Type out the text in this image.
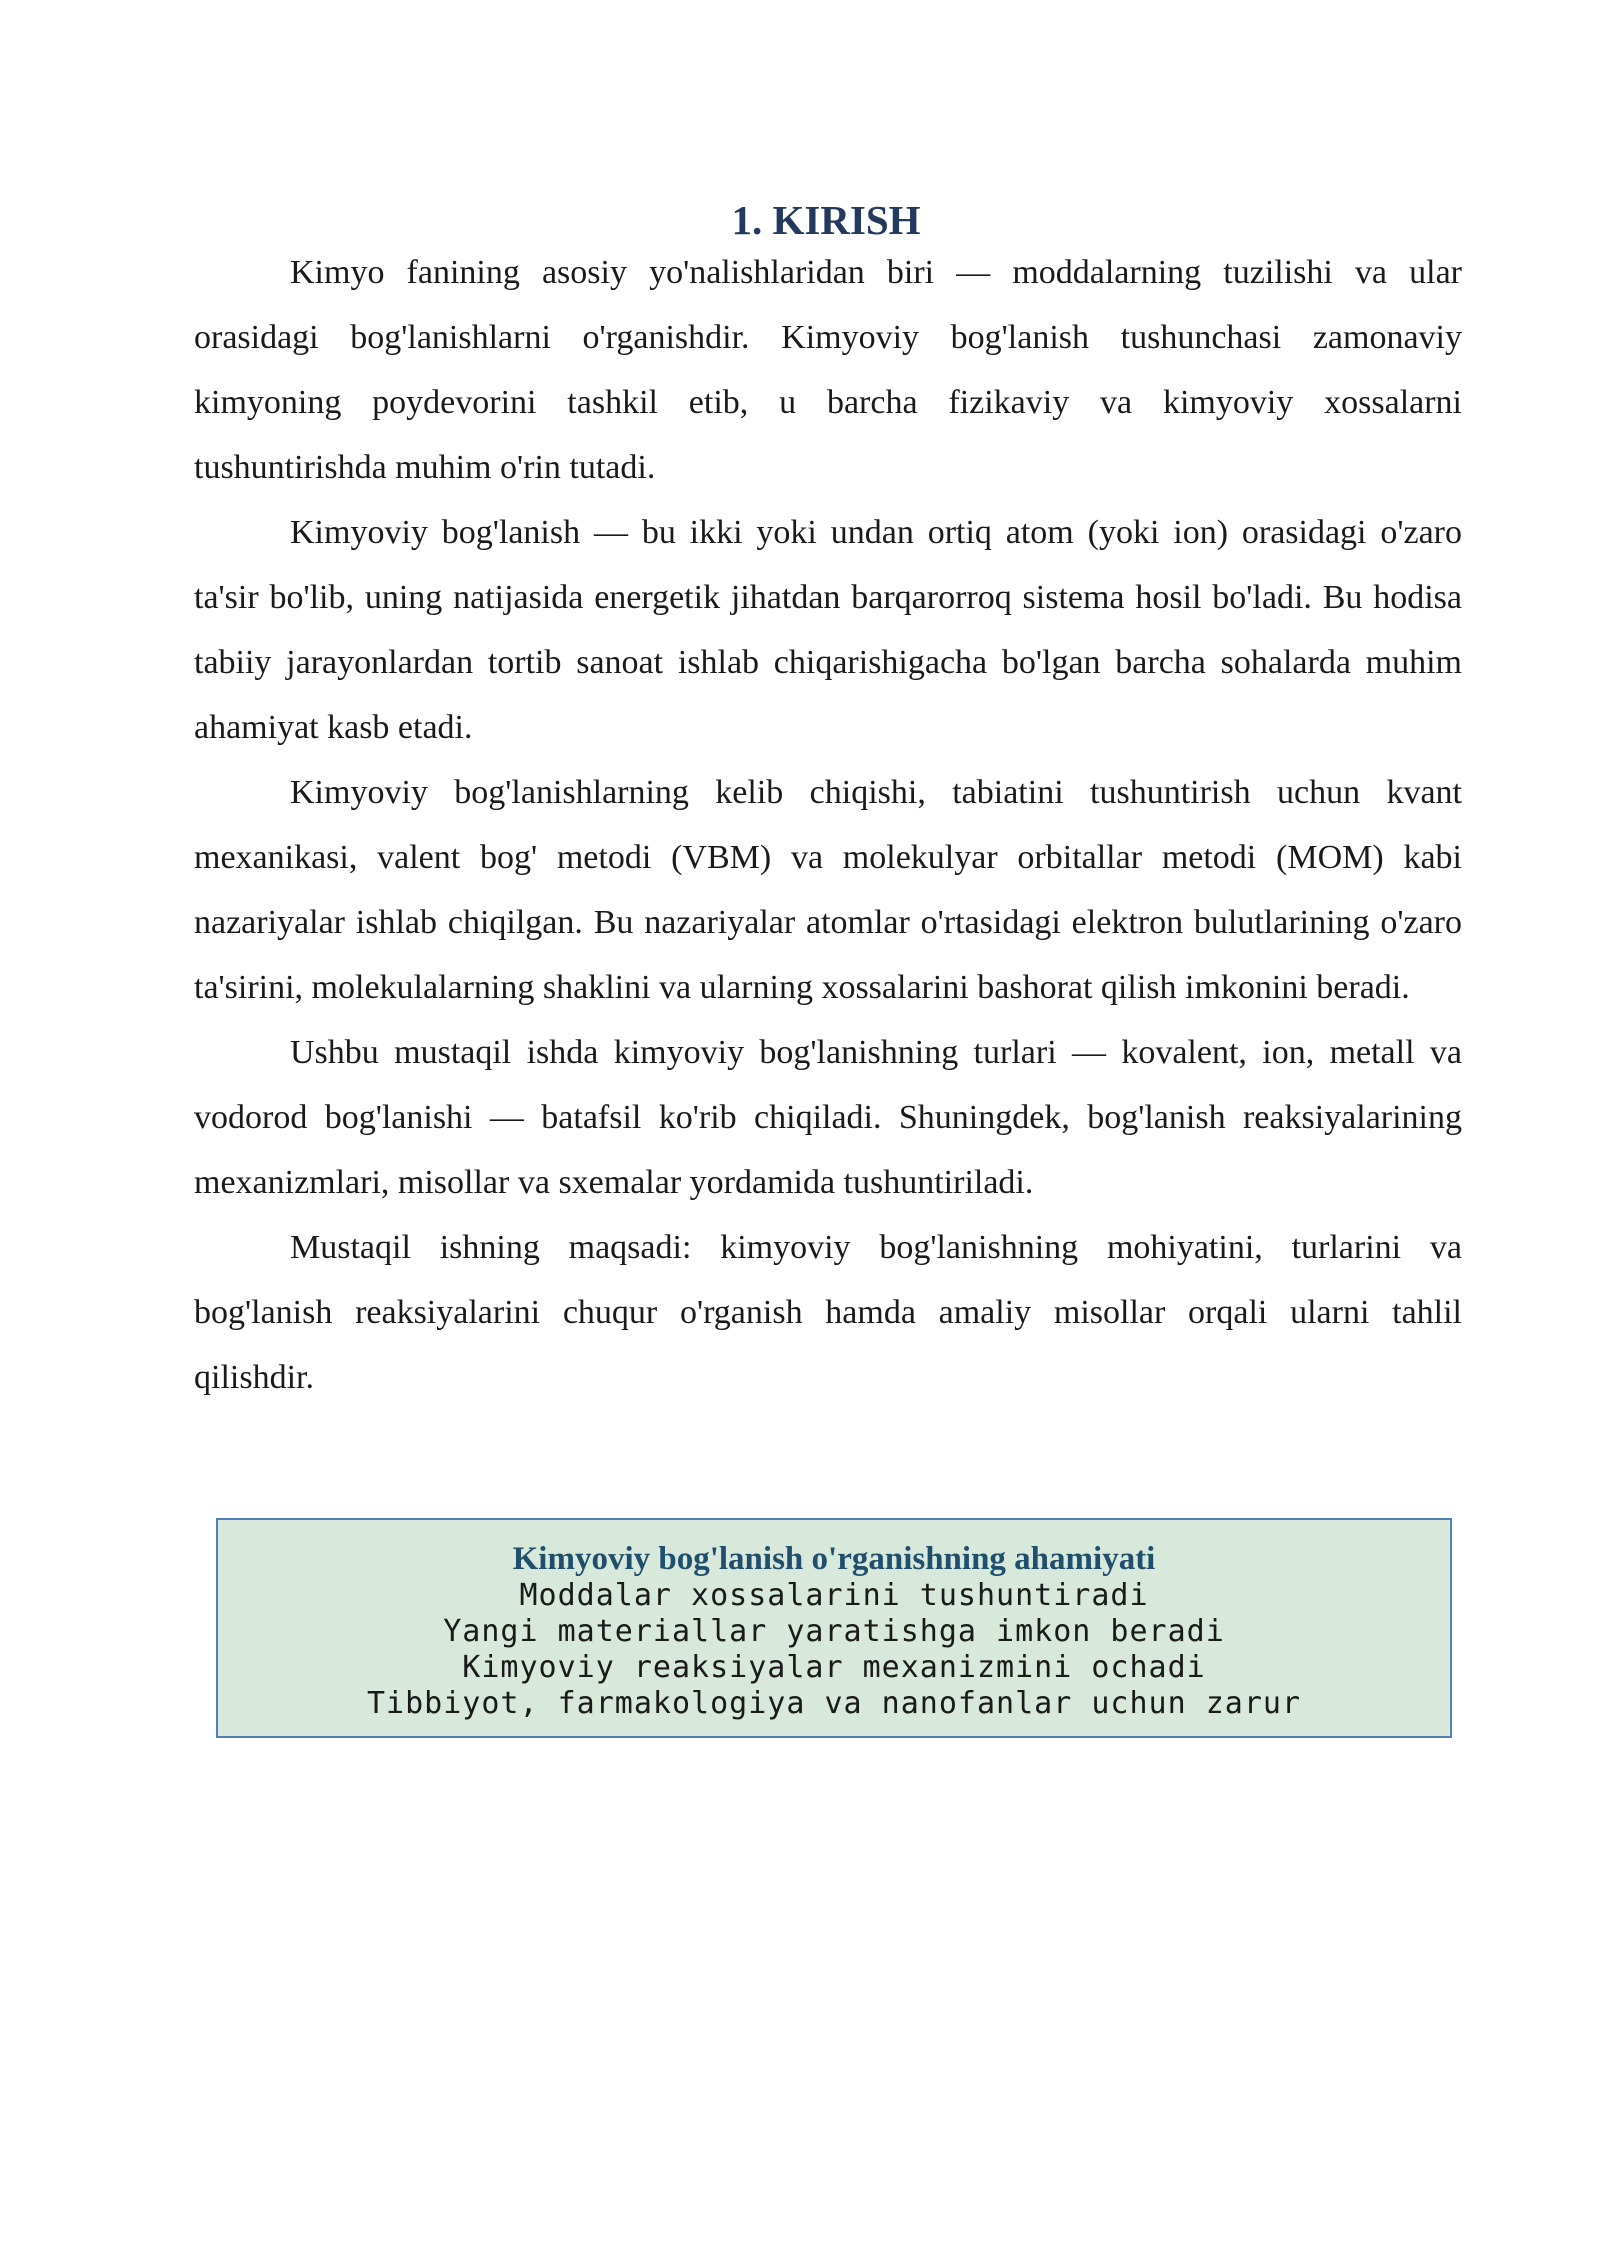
1. KIRISH

Kimyo fanining asosiy yo'nalishlaridan biri — moddalarning tuzilishi va ular orasidagi bog'lanishlarni o'rganishdir. Kimyoviy bog'lanish tushunchasi zamonaviy kimyoning poydevorini tashkil etib, u barcha fizikaviy va kimyoviy xossalarni tushuntirishda muhim o'rin tutadi.

Kimyoviy bog'lanish — bu ikki yoki undan ortiq atom (yoki ion) orasidagi o'zaro ta'sir bo'lib, uning natijasida energetik jihatdan barqarorroq sistema hosil bo'ladi. Bu hodisa tabiiy jarayonlardan tortib sanoat ishlab chiqarishigacha bo'lgan barcha sohalarda muhim ahamiyat kasb etadi.

Kimyoviy bog'lanishlarning kelib chiqishi, tabiatini tushuntirish uchun kvant mexanikasi, valent bog' metodi (VBM) va molekulyar orbitallar metodi (MOM) kabi nazariyalar ishlab chiqilgan. Bu nazariyalar atomlar o'rtasidagi elektron bulutlarining o'zaro ta'sirini, molekulalarning shaklini va ularning xossalarini bashorat qilish imkonini beradi.

Ushbu mustaqil ishda kimyoviy bog'lanishning turlari — kovalent, ion, metall va vodorod bog'lanishi — batafsil ko'rib chiqiladi. Shuningdek, bog'lanish reaksiyalarining mexanizmlari, misollar va sxemalar yordamida tushuntiriladi.

Mustaqil ishning maqsadi: kimyoviy bog'lanishning mohiyatini, turlarini va bog'lanish reaksiyalarini chuqur o'rganish hamda amaliy misollar orqali ularni tahlil qilishdir.

Kimyoviy bog'lanish o'rganishning ahamiyati

Moddalar xossalarini tushuntiradi
Yangi materiallar yaratishga imkon beradi
Kimyoviy reaksiyalar mexanizmini ochadi
Tibbiyot, farmakologiya va nanofanlar uchun zarur
